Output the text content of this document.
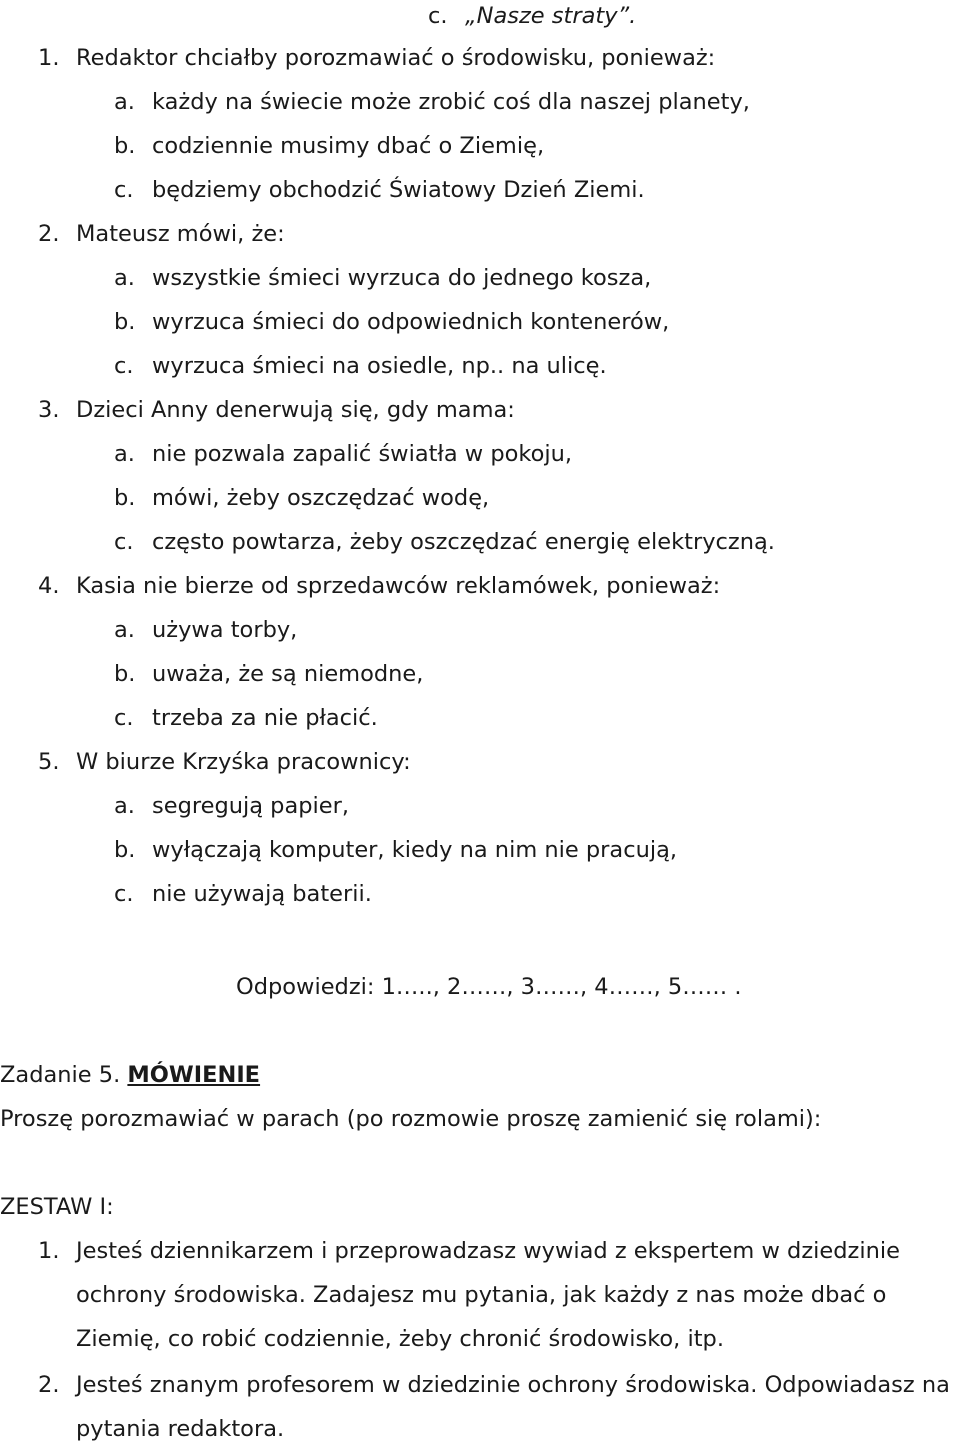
c. „Nasze straty”.
1. Redaktor chciałby porozmawiać o środowisku, ponieważ:
a. każdy na świecie może zrobić coś dla naszej planety,
b. codziennie musimy dbać o Ziemię,
c. będziemy obchodzić Światowy Dzień Ziemi.
2. Mateusz mówi, że:
a. wszystkie śmieci wyrzuca do jednego kosza,
b. wyrzuca śmieci do odpowiednich kontenerów,
c. wyrzuca śmieci na osiedle, np.. na ulicę.
3. Dzieci Anny denerwują się, gdy mama:
a. nie pozwala zapalić światła w pokoju,
b. mówi, żeby oszczędzać wodę,
c. często powtarza, żeby oszczędzać energię elektryczną.
4. Kasia nie bierze od sprzedawców reklamówek, ponieważ:
a. używa torby,
b. uważa, że są niemodne,
c. trzeba za nie płacić.
5. W biurze Krzyśka pracownicy:
a. segregują papier,
b. wyłączają komputer, kiedy na nim nie pracują,
c. nie używają baterii.
Odpowiedzi: 1….., 2……, 3……, 4……, 5…… .
Zadanie 5. MÓWIENIE
Proszę porozmawiać w parach (po rozmowie proszę zamienić się rolami):
ZESTAW I:
1. Jesteś dziennikarzem i przeprowadzasz wywiad z ekspertem w dziedzinie ochrony środowiska. Zadajesz mu pytania, jak każdy z nas może dbać o Ziemię, co robić codziennie, żeby chronić środowisko, itp.
2. Jesteś znanym profesorem w dziedzinie ochrony środowiska. Odpowiadasz na pytania redaktora.
